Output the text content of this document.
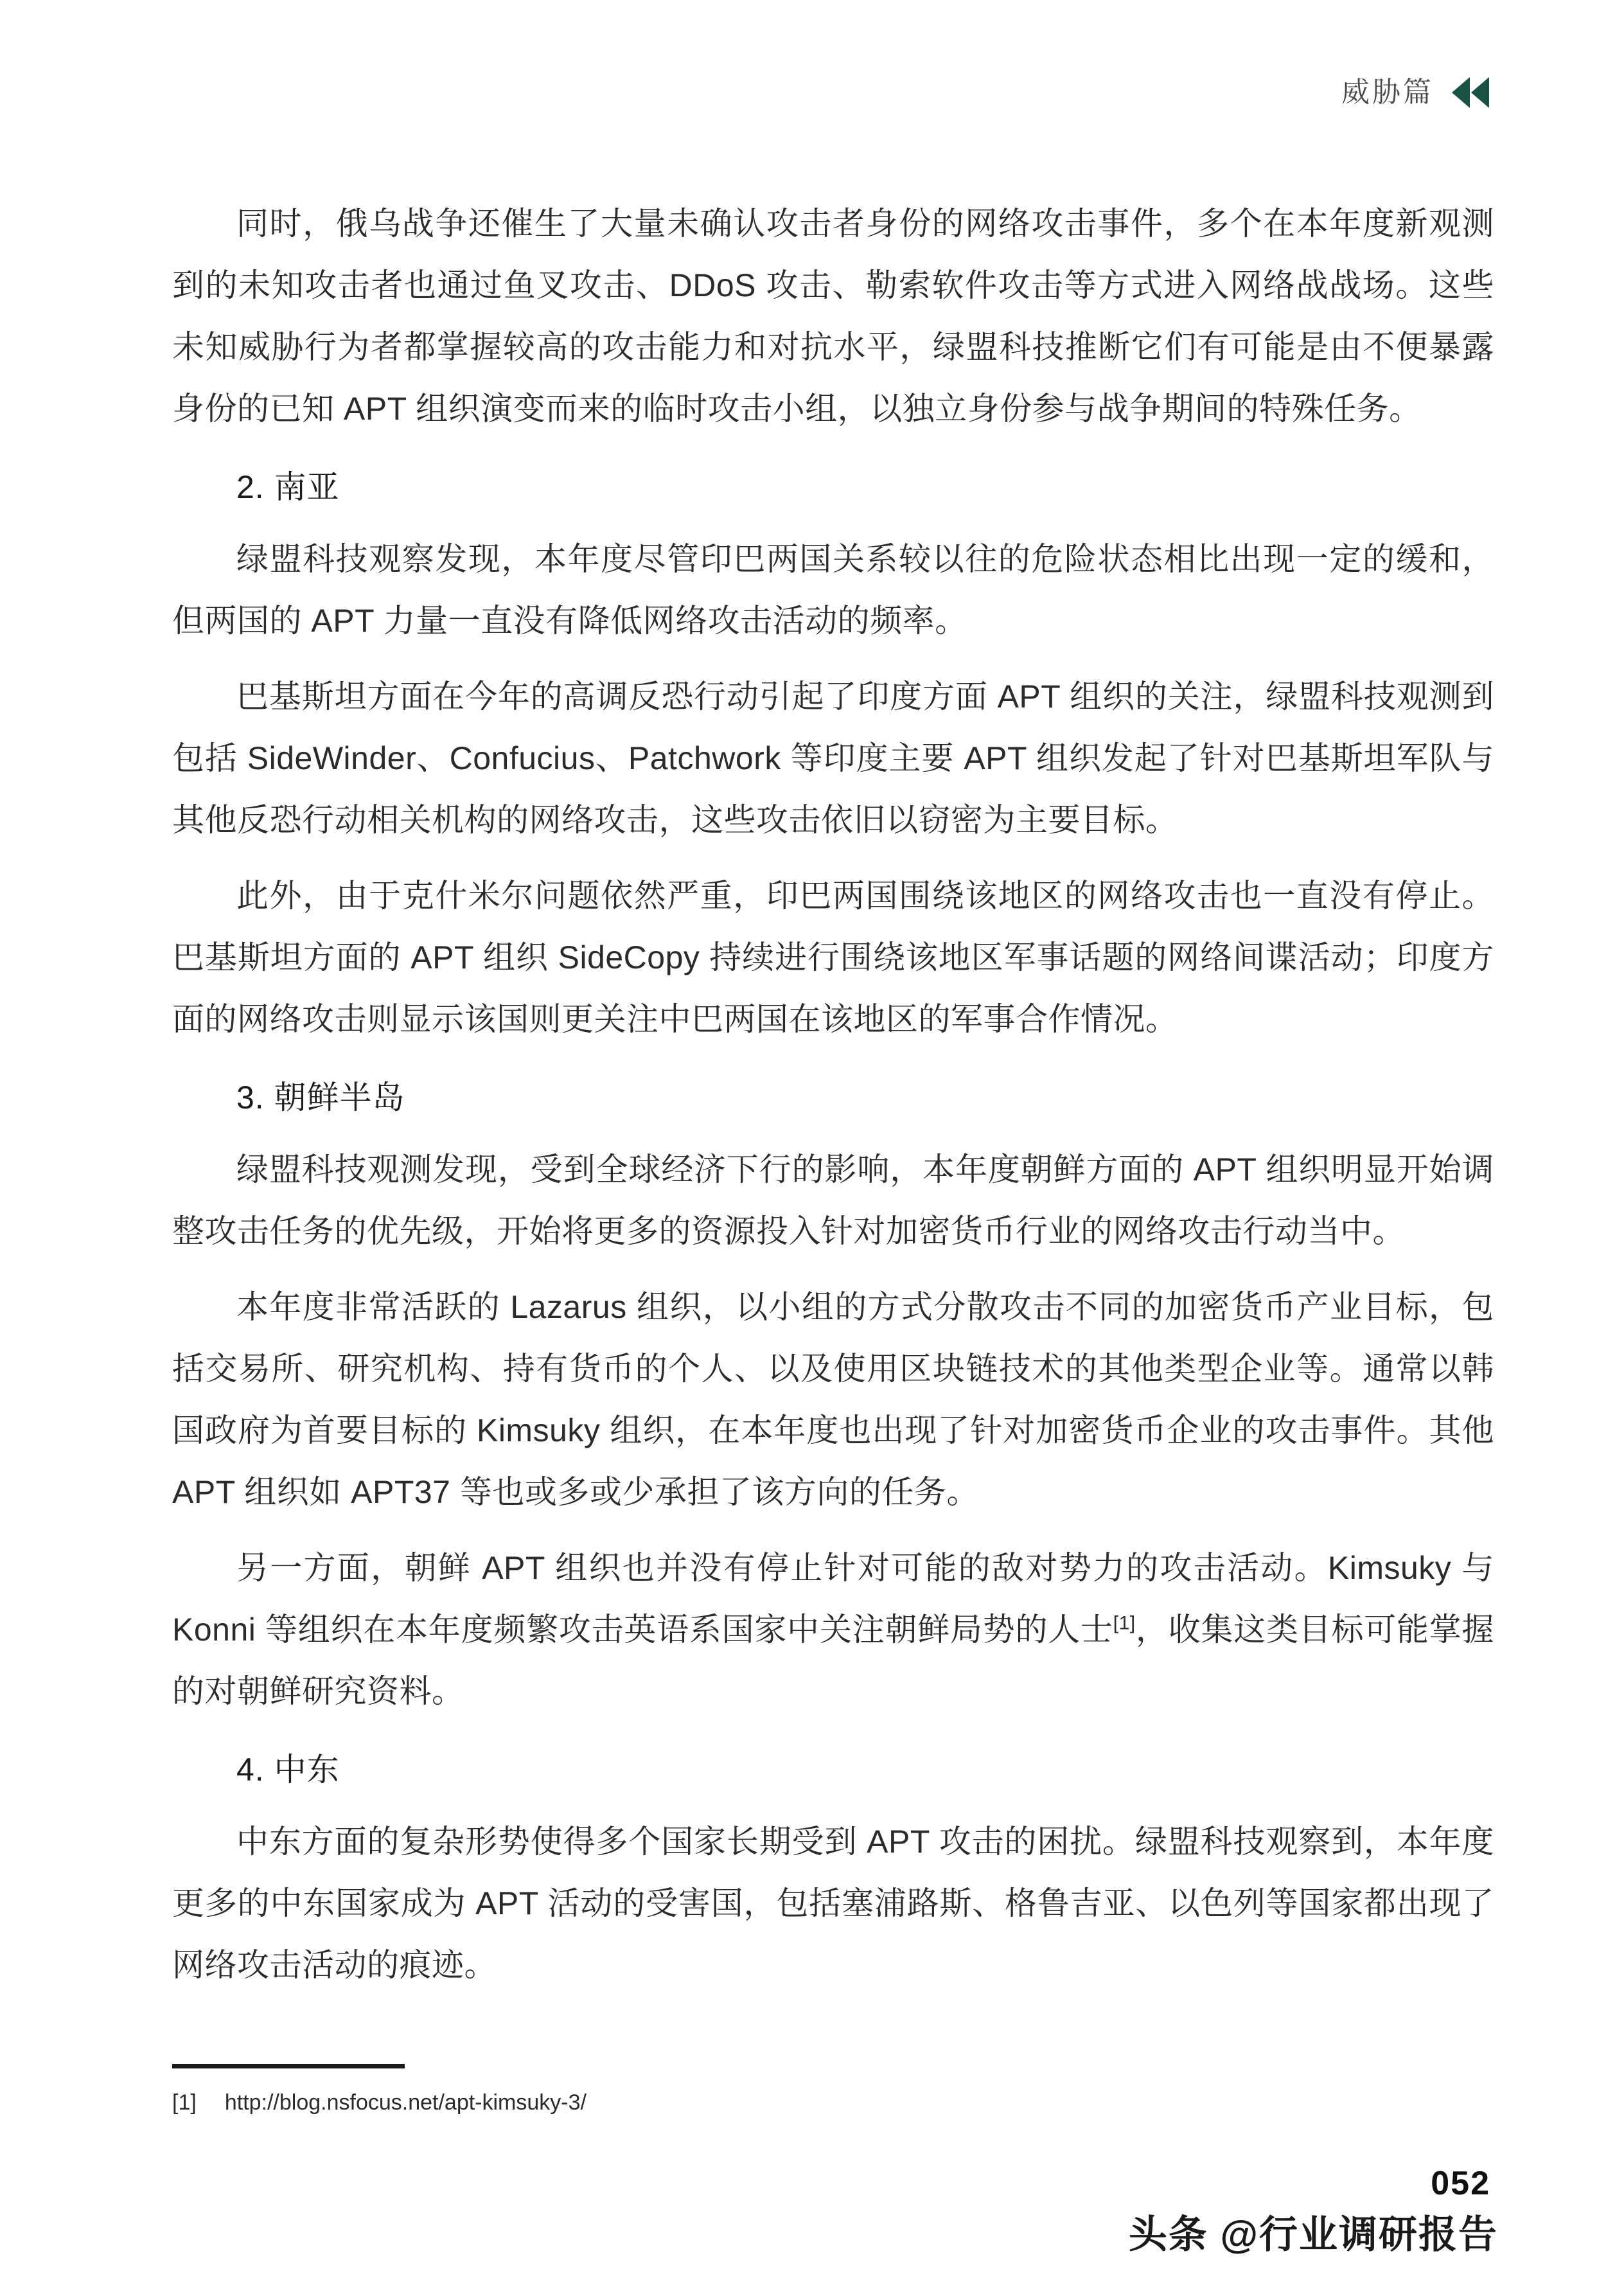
威胁篇

同时，俄乌战争还催生了大量未确认攻击者身份的网络攻击事件，多个在本年度新观测到的未知攻击者也通过鱼叉攻击、DDoS 攻击、勒索软件攻击等方式进入网络战战场。这些未知威胁行为者都掌握较高的攻击能力和对抗水平，绿盟科技推断它们有可能是由不便暴露身份的已知 APT 组织演变而来的临时攻击小组，以独立身份参与战争期间的特殊任务。

2. 南亚

绿盟科技观察发现，本年度尽管印巴两国关系较以往的危险状态相比出现一定的缓和，但两国的 APT 力量一直没有降低网络攻击活动的频率。

巴基斯坦方面在今年的高调反恐行动引起了印度方面 APT 组织的关注，绿盟科技观测到包括 SideWinder、Confucius、Patchwork 等印度主要 APT 组织发起了针对巴基斯坦军队与其他反恐行动相关机构的网络攻击，这些攻击依旧以窃密为主要目标。

此外，由于克什米尔问题依然严重，印巴两国围绕该地区的网络攻击也一直没有停止。巴基斯坦方面的 APT 组织 SideCopy 持续进行围绕该地区军事话题的网络间谍活动；印度方面的网络攻击则显示该国则更关注中巴两国在该地区的军事合作情况。

3. 朝鲜半岛

绿盟科技观测发现，受到全球经济下行的影响，本年度朝鲜方面的 APT 组织明显开始调整攻击任务的优先级，开始将更多的资源投入针对加密货币行业的网络攻击行动当中。

本年度非常活跃的 Lazarus 组织，以小组的方式分散攻击不同的加密货币产业目标，包括交易所、研究机构、持有货币的个人、以及使用区块链技术的其他类型企业等。通常以韩国政府为首要目标的 Kimsuky 组织，在本年度也出现了针对加密货币企业的攻击事件。其他 APT 组织如 APT37 等也或多或少承担了该方向的任务。

另一方面，朝鲜 APT 组织也并没有停止针对可能的敌对势力的攻击活动。Kimsuky 与 Konni 等组织在本年度频繁攻击英语系国家中关注朝鲜局势的人士[1]，收集这类目标可能掌握的对朝鲜研究资料。

4. 中东

中东方面的复杂形势使得多个国家长期受到 APT 攻击的困扰。绿盟科技观察到，本年度更多的中东国家成为 APT 活动的受害国，包括塞浦路斯、格鲁吉亚、以色列等国家都出现了网络攻击活动的痕迹。

[1] http://blog.nsfocus.net/apt-kimsuky-3/
052
头条 @行业调研报告
